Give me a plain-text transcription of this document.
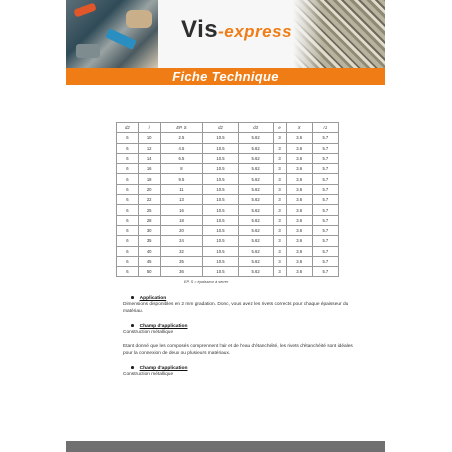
Vis-express
Fiche Technique
d2	l	EP. S	d2	d3	e	X	r1
6	10	2.5	10.5	5.62	3	3.6	5.7
6	12	4.5	10.5	5.62	3	3.6	5.7
6	14	6.5	10.5	5.62	3	3.6	5.7
6	16	8	10.5	5.62	3	3.6	5.7
6	18	9.5	10.5	5.62	3	3.6	5.7
6	20	11	10.5	5.62	3	3.6	5.7
6	22	13	10.5	5.62	3	3.6	5.7
6	25	16	10.5	5.62	3	3.6	5.7
6	28	18	10.5	5.62	3	3.6	5.7
6	30	20	10.5	5.62	3	3.6	5.7
6	35	24	10.5	5.62	3	3.6	5.7
6	40	32	10.5	5.62	3	3.6	5.7
6	45	35	10.5	5.62	3	3.6	5.7
6	50	36	10.5	5.62	3	3.6	5.7
EP. S = épaisseur à serrer
Application
Dimensions disponibles en 2 mm gradation. Donc, vous avez les rivets corrects pour chaque épaisseur du matériau.
Champ d'application
Construction métallique
Etant donné que les composés comprennent l'air et de l'eau d'étanchéité, les rivets d'étanchéité sont idéales pour la connexion de deux ou plusieurs matériaux.
Champ d'application
Construction métallique
